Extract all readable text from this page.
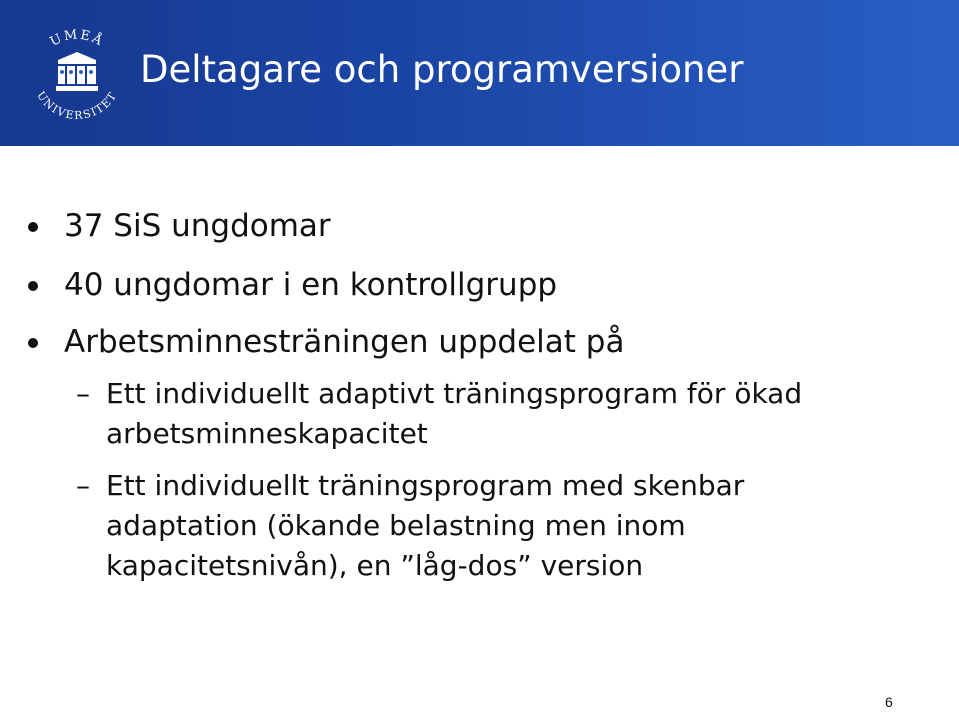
UMEÅ
UNIVERSITET
Deltagare och programversioner
37 SiS ungdomar
40 ungdomar i en kontrollgrupp
Arbetsminnesträningen uppdelat på
– Ett individuellt adaptivt träningsprogram för ökad
arbetsminneskapacitet
– Ett individuellt träningsprogram med skenbar
adaptation (ökande belastning men inom
kapacitetsnivån), en ”låg-dos” version
6
